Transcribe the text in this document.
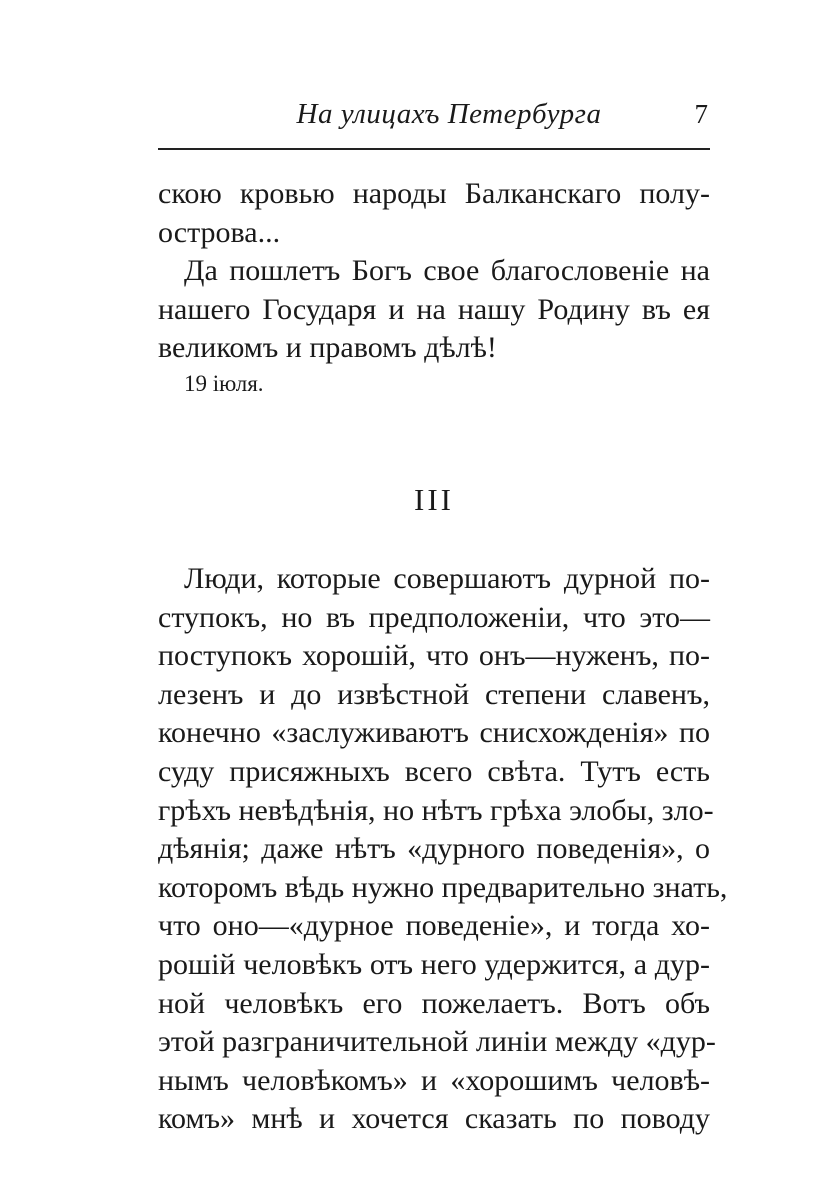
На улицахъ Петербурга	7
скою кровью народы Балканскаго полу-
острова...
Да пошлетъ Богъ свое благословеніе на
нашего Государя и на нашу Родину въ ея
великомъ и правомъ дѣлѣ!
19 іюля.
III
Люди, которые совершаютъ дурной по-
ступокъ, но въ предположеніи, что это—
поступокъ хорошій, что онъ—нуженъ, по-
лезенъ и до извѣстной степени славенъ,
конечно «заслуживаютъ снисхожденія» по
суду присяжныхъ всего свѣта. Тутъ есть
грѣхъ невѣдѣнія, но нѣтъ грѣха элобы, зло-
дѣянія; даже нѣтъ «дурного поведенія», о
которомъ вѣдь нужно предварительно знать,
что оно—«дурное поведеніе», и тогда хо-
рошій человѣкъ отъ него удержится, а дур-
ной человѣкъ его пожелаетъ. Вотъ объ
этой разграничительной линіи между «дур-
нымъ человѣкомъ» и «хорошимъ человѣ-
комъ» мнѣ и хочется сказать по поводу
